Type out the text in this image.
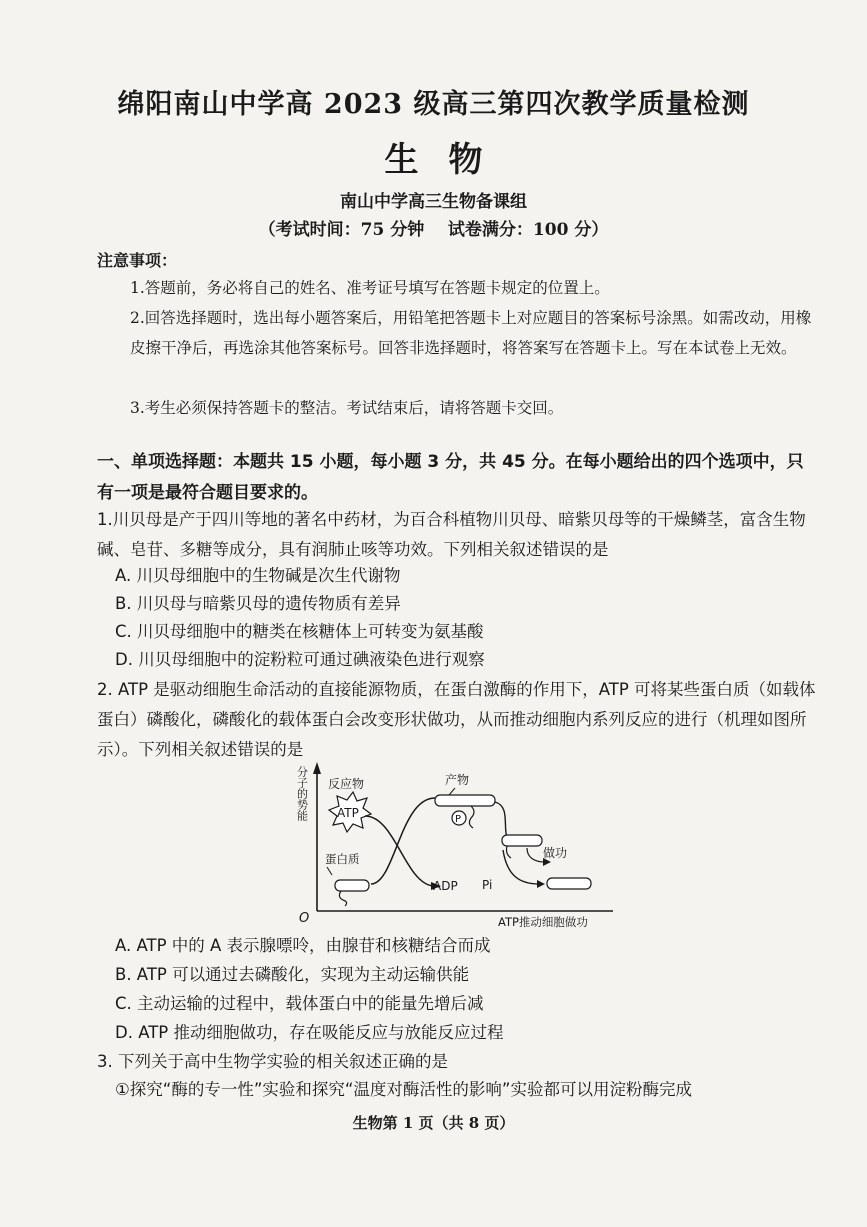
绵阳南山中学高 2023 级高三第四次教学质量检测
生物
南山中学高三生物备课组
（考试时间：75 分钟    试卷满分：100 分）
注意事项：
1.答题前，务必将自己的姓名、准考证号填写在答题卡规定的位置上。
2.回答选择题时，选出每小题答案后，用铅笔把答题卡上对应题目的答案标号涂黑。如需改动，用橡皮擦干净后，再选涂其他答案标号。回答非选择题时，将答案写在答题卡上。写在本试卷上无效。
3.考生必须保持答题卡的整洁。考试结束后，请将答题卡交回。
一、单项选择题：本题共 15 小题，每小题 3 分，共 45 分。在每小题给出的四个选项中，只有一项是最符合题目要求的。
1.川贝母是产于四川等地的著名中药材，为百合科植物川贝母、暗紫贝母等的干燥鳞茎，富含生物碱、皂苷、多糖等成分，具有润肺止咳等功效。下列相关叙述错误的是
A. 川贝母细胞中的生物碱是次生代谢物
B. 川贝母与暗紫贝母的遗传物质有差异
C. 川贝母细胞中的糖类在核糖体上可转变为氨基酸
D. 川贝母细胞中的淀粉粒可通过碘液染色进行观察
2. ATP 是驱动细胞生命活动的直接能源物质，在蛋白激酶的作用下，ATP 可将某些蛋白质（如载体蛋白）磷酸化，磷酸化的载体蛋白会改变形状做功，从而推动细胞内系列反应的进行（机理如图所示）。下列相关叙述错误的是
分子的势能
O	ATP推动细胞做功
反应物
ATP
蛋白质
ADP
产物
P
做功
Pi
A. ATP 中的 A 表示腺嘌呤，由腺苷和核糖结合而成
B. ATP 可以通过去磷酸化，实现为主动运输供能
C. 主动运输的过程中，载体蛋白中的能量先增后减
D. ATP 推动细胞做功，存在吸能反应与放能反应过程
3. 下列关于高中生物学实验的相关叙述正确的是
①探究“酶的专一性”实验和探究“温度对酶活性的影响”实验都可以用淀粉酶完成
生物第 1 页（共 8 页）
